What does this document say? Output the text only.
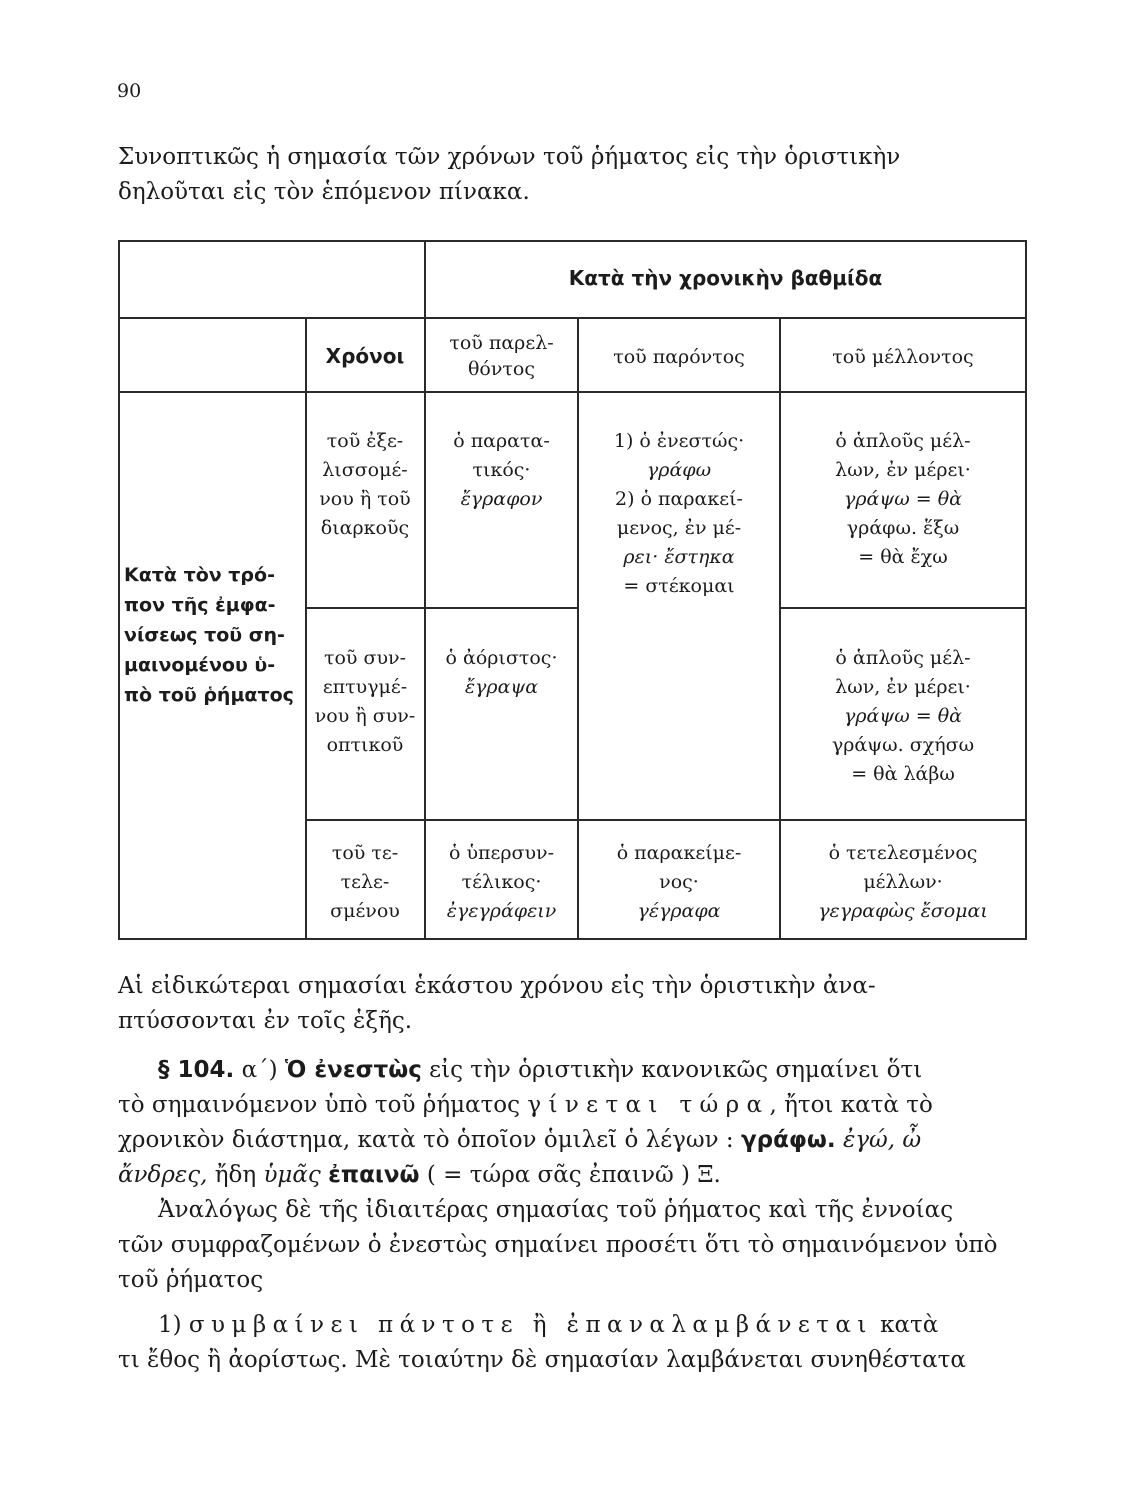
90
Συνοπτικῶς ἡ σημασία τῶν χρόνων τοῦ ῥήματος εἰς τὴν ὁριστικὴν
δηλοῦται εἰς τὸν ἑπόμενον πίνακα.
Κατὰ τὴν χρονικὴν βαθμίδα
Κατὰ τὸν τρό-
πον τῆς ἐμφα-
νίσεως τοῦ ση-
μαινομένου ὑ-
πὸ τοῦ ῥήματος
Χρόνοι
τοῦ παρελ-
θόντος
τοῦ παρόντος	τοῦ μέλλοντος
τοῦ ἐξε-
λισσομέ-
νου ἢ τοῦ
διαρκοῦς
ὁ παρατα-
τικός·
ἔγραφον
1) ὁ ἐνεστώς·
γράφω
2) ὁ παρακεί-
μενος, ἐν μέ-
ρει· ἔστηκα
= στέκομαι
ὁ ἁπλοῦς μέλ-
λων, ἐν μέρει·
γράψω = θὰ
γράφω. ἕξω
= θὰ ἔχω
τοῦ συν-
επτυγμέ-
νου ἢ συν-
οπτικοῦ
ὁ ἀόριστος·
ἔγραψα
ὁ ἁπλοῦς μέλ-
λων, ἐν μέρει·
γράψω = θὰ
γράψω. σχήσω
= θὰ λάβω
τοῦ τε-
τελε-
σμένου
ὁ ὑπερσυν-
τέλικος·
ἐγεγράφειν
ὁ παρακείμε-
νος·
γέγραφα
ὁ τετελεσμένος
μέλλων·
γεγραφὼς ἔσομαι
Αἱ εἰδικώτεραι σημασίαι ἑκάστου χρόνου εἰς τὴν ὁριστικὴν ἀνα-
πτύσσονται ἐν τοῖς ἑξῆς.
§ 104. α΄) Ὁ ἐνεστὼς εἰς τὴν ὁριστικὴν κανονικῶς σημαίνει ὅτι
τὸ σημαινόμενον ὑπὸ τοῦ ῥήματος γίνεται τώρα, ἤτοι κατὰ τὸ
χρονικὸν διάστημα, κατὰ τὸ ὁποῖον ὁμιλεῖ ὁ λέγων : γράφω. ἐγώ, ὦ
ἄνδρες, ἤδη ὑμᾶς ἐπαινῶ ( = τώρα σᾶς ἐπαινῶ ) Ξ.
Ἀναλόγως δὲ τῆς ἰδιαιτέρας σημασίας τοῦ ῥήματος καὶ τῆς ἐννοίας
τῶν συμφραζομένων ὁ ἐνεστὼς σημαίνει προσέτι ὅτι τὸ σημαινόμενον ὑπὸ
τοῦ ῥήματος
1) συμβαίνει πάντοτε ἢ ἐπαναλαμβάνεται κατὰ
τι ἔθος ἢ ἀορίστως. Μὲ τοιαύτην δὲ σημασίαν λαμβάνεται συνηθέστατα
